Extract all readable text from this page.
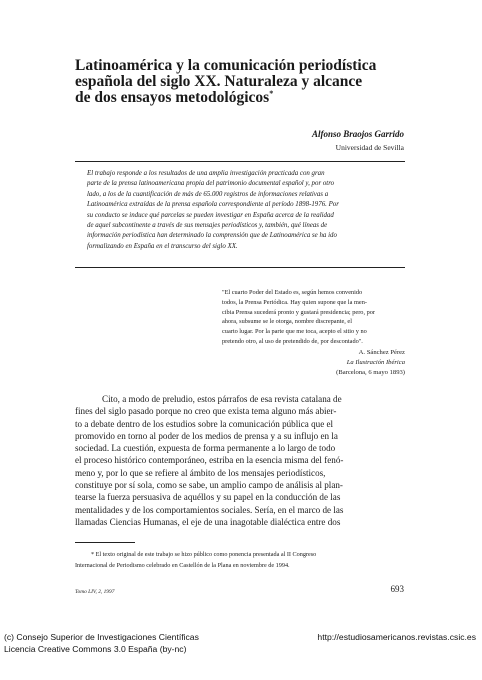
Latinoamérica y la comunicación periodística
española del siglo XX. Naturaleza y alcance
de dos ensayos metodológicos*

Alfonso Braojos Garrido

Universidad de Sevilla

El trabajo responde a los resultados de una amplia investigación practicada con gran
parte de la prensa latinoamericana propia del patrimonio documental español y, por otro
lado, a los de la cuantificación de más de 65.000 registros de informaciones relativas a
Latinoamérica extraídas de la prensa española correspondiente al período 1898-1976. Por
su conducto se induce qué parcelas se pueden investigar en España acerca de la realidad
de aquel subcontinente a través de sus mensajes periodísticos y, también, qué líneas de
información periodística han determinado la comprensión que de Latinoamérica se ha ido
formalizando en España en el transcurso del siglo XX.
"El cuarto Poder del Estado es, según hemos convenido
todos, la Prensa Periódica. Hay quien supone que la men-
cibia Prensa sucederá pronto y gustará presidencia; pero, por
ahora, subsume se le otorga, nombre discrepante, el
cuarto lugar. Por la parte que me toca, acepto el sitio y no
pretendo otro, al uso de pretendido de, por descontado".
A. Sánchez Pérez
La Ilustración Ibérica
(Barcelona, 6 mayo 1893)
Cito, a modo de preludio, estos párrafos de esa revista catalana de
fines del siglo pasado porque no creo que exista tema alguno más abier-
to a debate dentro de los estudios sobre la comunicación pública que el
promovido en torno al poder de los medios de prensa y a su influjo en la
sociedad. La cuestión, expuesta de forma permanente a lo largo de todo
el proceso histórico contemporáneo, estriba en la esencia misma del fenó-
meno y, por lo que se refiere al ámbito de los mensajes periodísticos,
constituye por sí sola, como se sabe, un amplio campo de análisis al plan-
tearse la fuerza persuasiva de aquéllos y su papel en la conducción de las
mentalidades y de los comportamientos sociales. Sería, en el marco de las
llamadas Ciencias Humanas, el eje de una inagotable dialéctica entre dos
* El texto original de este trabajo se hizo público como ponencia presentada al II Congreso
Internacional de Periodismo celebrado en Castellón de la Plana en noviembre de 1994.

Tomo LIV, 2, 1997	693

(c) Consejo Superior de Investigaciones Científicas
Licencia Creative Commons 3.0 España (by-nc)
http://estudiosamericanos.revistas.csic.es
